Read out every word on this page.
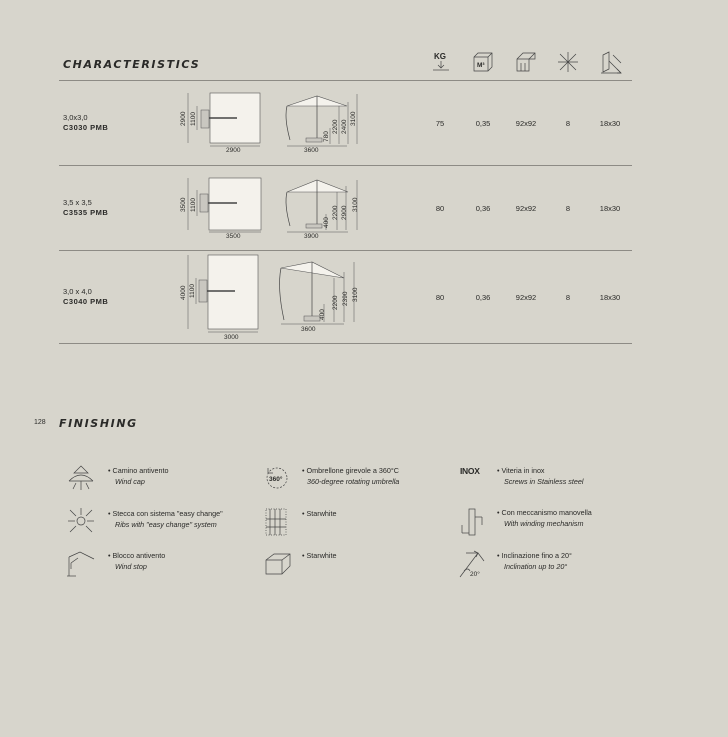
CHARACTERISTICS
KG
M³
3,0x3,0
C3030 PMB
2900 1100
2900	3600
780
2200 2400
3100	75	0,35	92x92	8	18x30
3,5 x 3,5
C3535 PMB
3500 1100
3500	3900
400
2200 2900
3100	80	0,36	92x92	8	18x30
3,0 x 4,0
C3040 PMB
4000 1100
3000
3600
400
2200 2390 3100	80	0,36	92x92	8	18x30
128 FINISHING
• Camino antivento
Wind cap
• Stecca con sistema "easy change"
Ribs with "easy change" system
• Blocco antivento
Wind stop
360°
• Ombrellone girevole a 360°C
360-degree rotating umbrella
• Starwhite
• Starwhite
INOX • Viteria in inox
Screws in Stainless steel
• Con meccanismo manovella
With winding mechanism
20°
• Inclinazione fino a 20°
Inclination up to 20°
